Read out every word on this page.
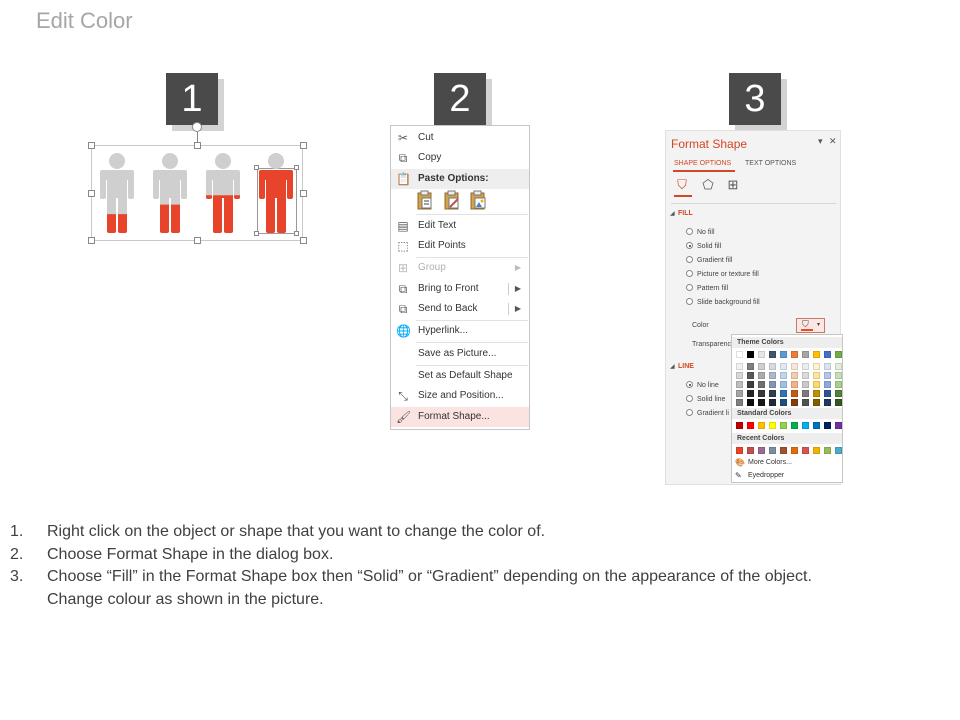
Edit Color
1	2	3
✂ Cut
⧉ Copy
📋 Paste Options:
▤ Edit Text
⬚ Edit Points
⊞ Group	▶
⧉ Bring to Front	▶
⧉ Send to Back	▶
🌐 Hyperlink...
Save as Picture...
Set as Default Shape
⤡ Size and Position...
🖌 Format Shape...
Format Shape	▾ ✕
SHAPE OPTIONS TEXT OPTIONS
⛉ ⬠ ⊞
◢ FILL
No fill
Solid fill
Gradient fill
Picture or texture fill
Pattern fill
Slide background fill
Color	⛉ ▾
Transparenc
◢ LINE
No line
Solid line
Gradient li
Theme Colors
Standard Colors
Recent Colors
🎨 More Colors...
✎ Eyedropper
1.	Right click on the object or shape that you want to change the color of.
2.	Choose Format Shape in the dialog box.
3.	Choose “Fill” in the Format Shape box then “Solid” or “Gradient” depending on the appearance of the object.
Change colour as shown in the picture.
